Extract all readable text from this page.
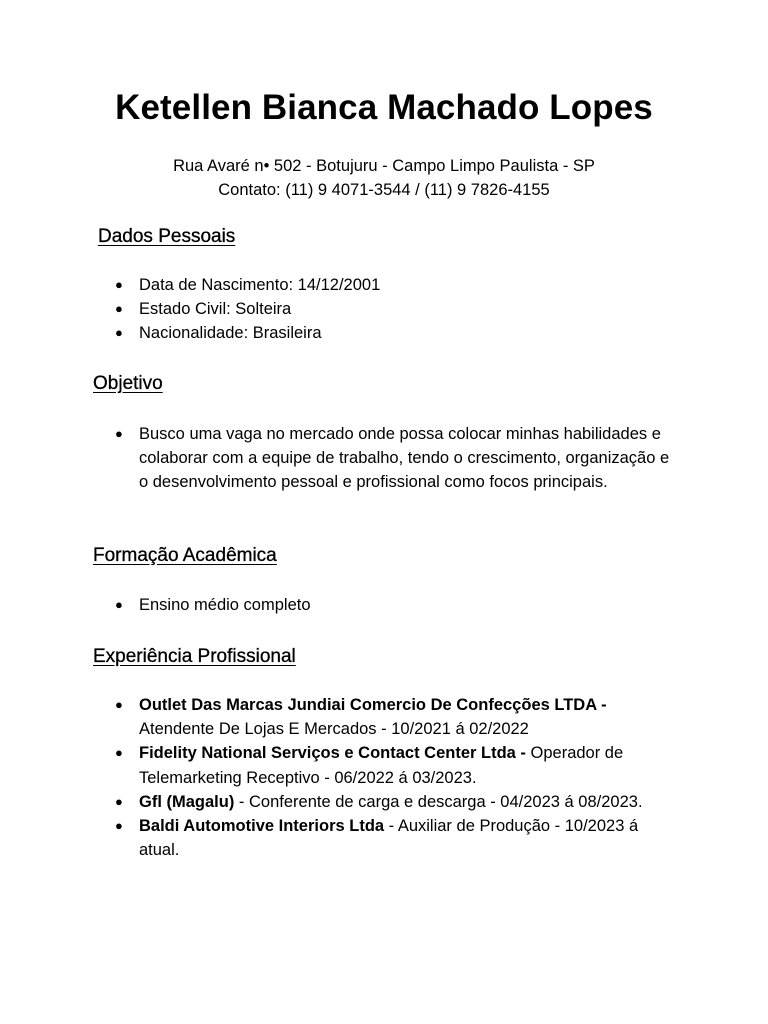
Ketellen Bianca Machado Lopes
Rua Avaré n• 502 - Botujuru - Campo Limpo Paulista - SP
Contato: (11) 9 4071-3544 / (11) 9 7826-4155
Dados Pessoais
● Data de Nascimento: 14/12/2001
● Estado Civil: Solteira
● Nacionalidade: Brasileira
Objetivo
● Busco uma vaga no mercado onde possa colocar minhas habilidades e colaborar com a equipe de trabalho, tendo o crescimento, organização e o desenvolvimento pessoal e profissional como focos principais.
Formação Acadêmica
● Ensino médio completo
Experiência Profissional
● Outlet Das Marcas Jundiai Comercio De Confecções LTDA - Atendente De Lojas E Mercados - 10/2021 á 02/2022
● Fidelity National Serviços e Contact Center Ltda - Operador de Telemarketing Receptivo - 06/2022 á 03/2023.
● Gfl (Magalu) - Conferente de carga e descarga - 04/2023 á 08/2023.
● Baldi Automotive Interiors Ltda - Auxiliar de Produção - 10/2023 á atual.
